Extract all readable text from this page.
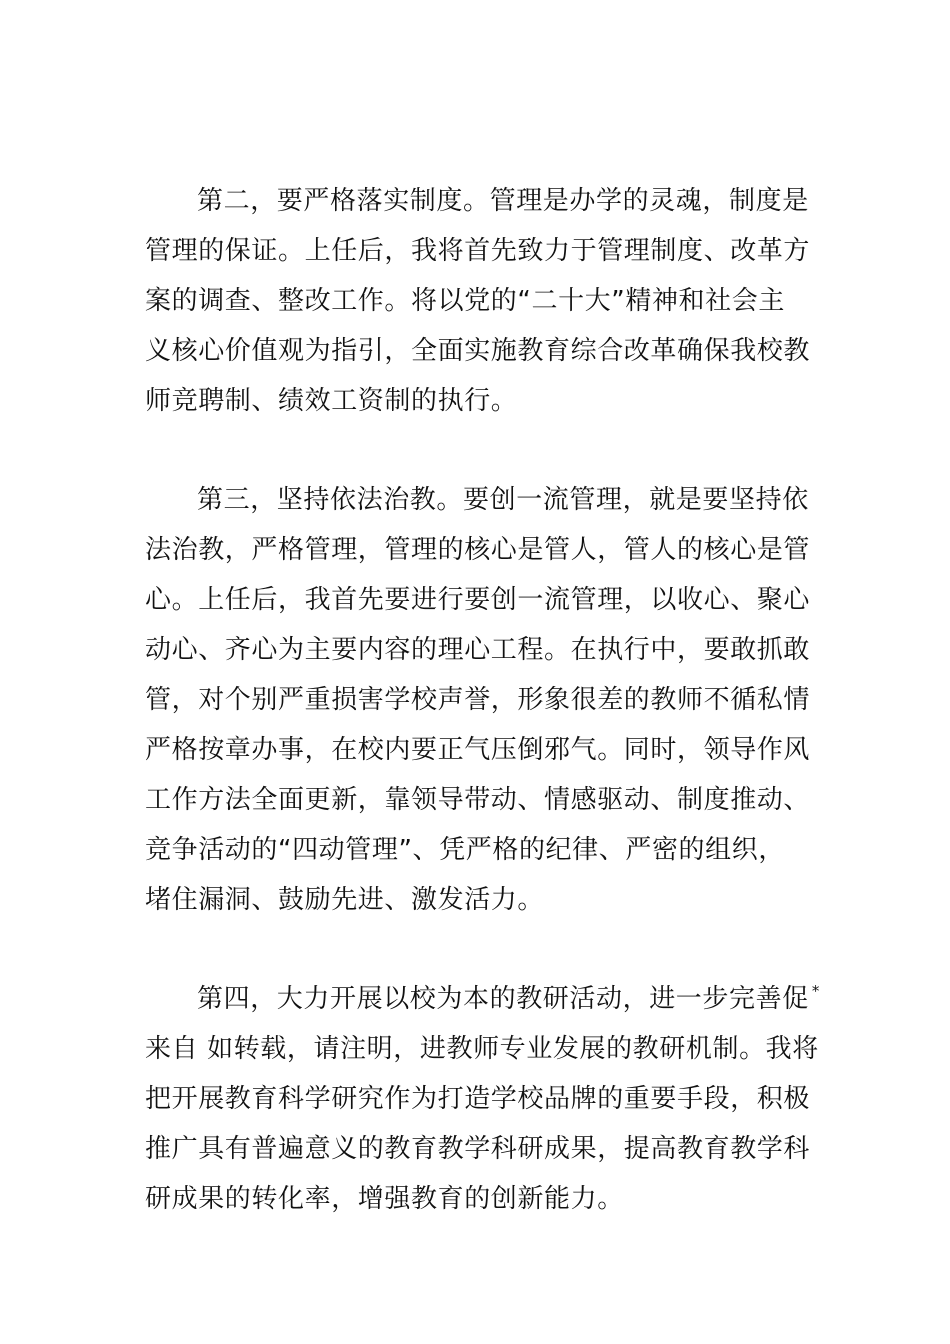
第二，要严格落实制度。管理是办学的灵魂，制度是
管理的保证。上任后，我将首先致力于管理制度、改革方
案的调查、整改工作。将以党的“二十大”精神和社会主
义核心价值观为指引，全面实施教育综合改革确保我校教
师竞聘制、绩效工资制的执行。
第三，坚持依法治教。要创一流管理，就是要坚持依
法治教，严格管理，管理的核心是管人，管人的核心是管
心。上任后，我首先要进行要创一流管理，以收心、聚心
动心、齐心为主要内容的理心工程。在执行中，要敢抓敢
管，对个别严重损害学校声誉，形象很差的教师不循私情
严格按章办事，在校内要正气压倒邪气。同时，领导作风
工作方法全面更新，靠领导带动、情感驱动、制度推动、
竞争活动的“四动管理”、凭严格的纪律、严密的组织，
堵住漏洞、鼓励先进、激发活力。
第四，大力开展以校为本的教研活动，进一步完善促 *
来自 如转载，请注明，进教师专业发展的教研机制。我将
把开展教育科学研究作为打造学校品牌的重要手段，积极
推广具有普遍意义的教育教学科研成果，提高教育教学科
研成果的转化率，增强教育的创新能力。
